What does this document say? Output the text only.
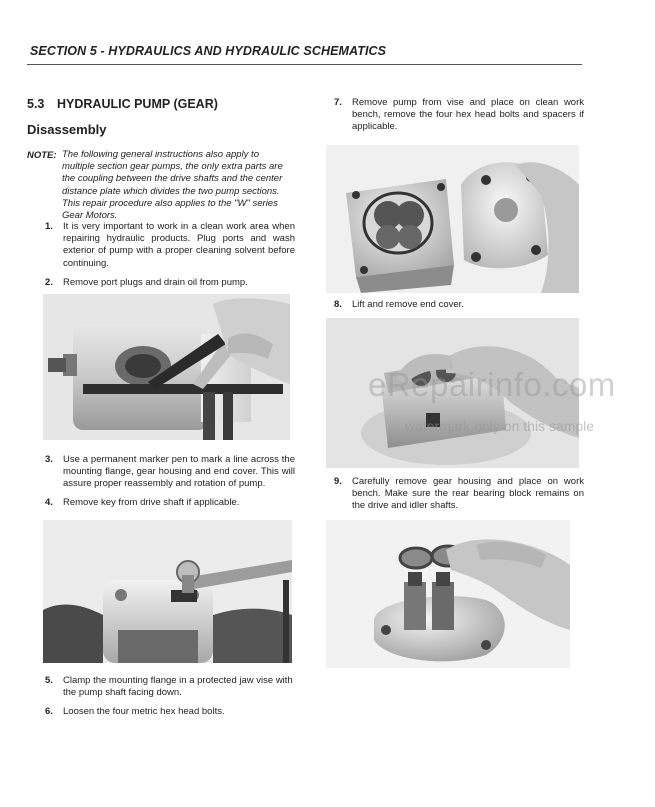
SECTION 5 - HYDRAULICS AND HYDRAULIC SCHEMATICS
5.3 HYDRAULIC PUMP (GEAR)
Disassembly
NOTE: The following general instructions also apply to multiple section gear pumps, the only extra parts are the coupling between the drive shafts and the center distance plate which divides the two pump sections. This repair procedure also applies to the "W" series Gear Motors.
1. It is very important to work in a clean work area when repairing hydraulic products. Plug ports and wash exterior of pump with a proper cleaning solvent before continuing.
2. Remove port plugs and drain oil from pump.
3. Use a permanent marker pen to mark a line across the mounting flange, gear housing and end cover. This will assure proper reassembly and rotation of pump.
4. Remove key from drive shaft if applicable.
5. Clamp the mounting flange in a protected jaw vise with the pump shaft facing down.
6. Loosen the four metric hex head bolts.
7. Remove pump from vise and place on clean work bench, remove the four hex head bolts and spacers if applicable.
8. Lift and remove end cover.
9. Carefully remove gear housing and place on work bench. Make sure the rear bearing block remains on the drive and idler shafts.
eRepairinfo.com
watermark only on this sample
